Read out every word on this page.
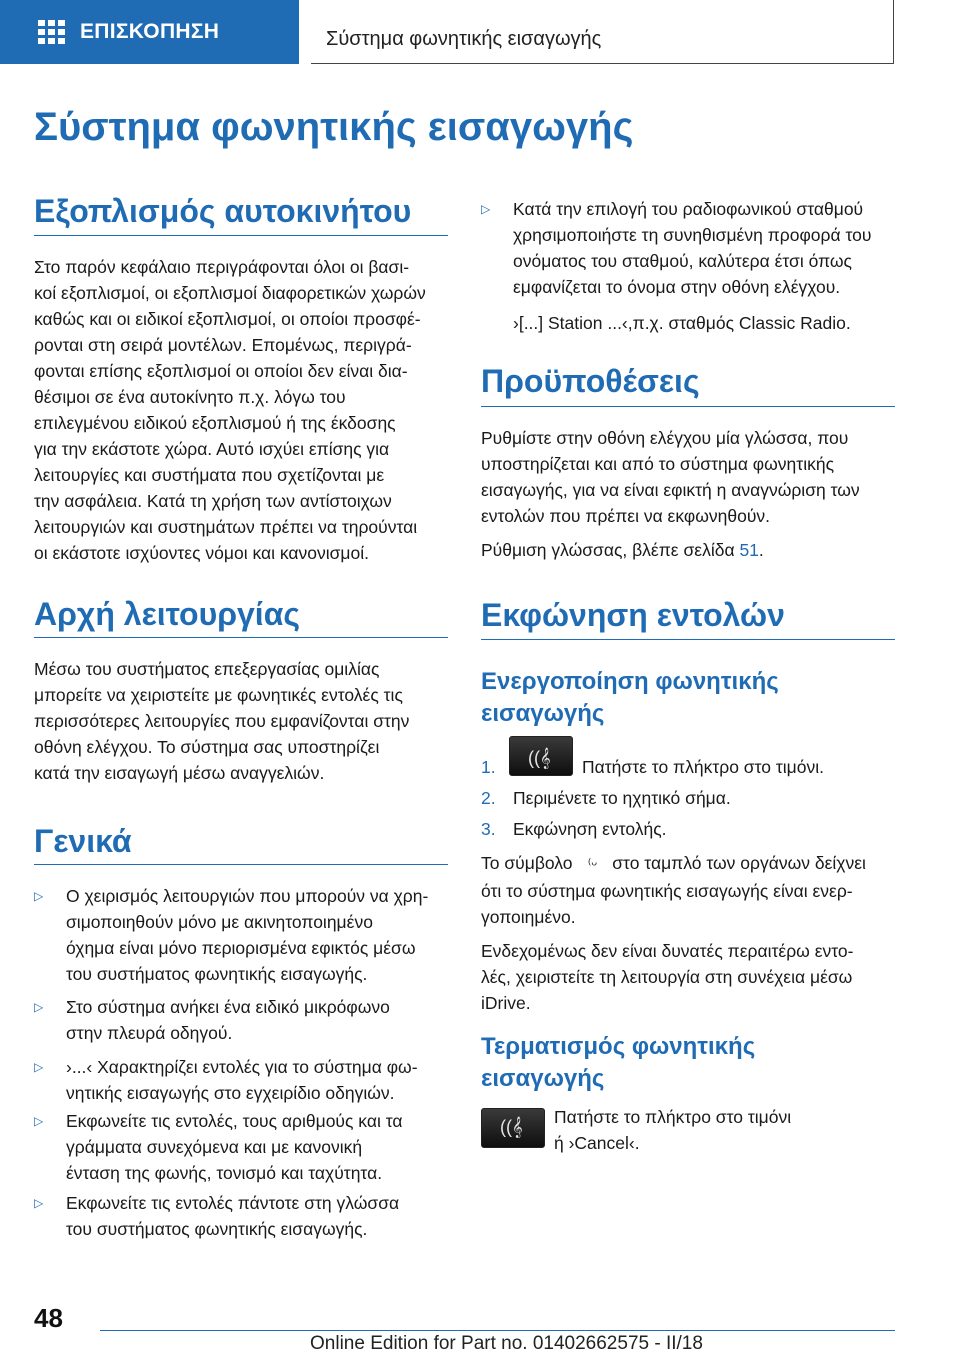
ΕΠΙΣΚΟΠΗΣΗ	Σύστημα φωνητικής εισαγωγής
Σύστημα φωνητικής εισαγωγής
Εξοπλισμός αυτοκινήτου
Στο παρόν κεφάλαιο περιγράφονται όλοι οι βασι‐
κοί εξοπλισμοί, οι εξοπλισμοί διαφορετικών χωρών
καθώς και οι ειδικοί εξοπλισμοί, οι οποίοι προσφέ‐
ρονται στη σειρά μοντέλων. Επομένως, περιγρά‐
φονται επίσης εξοπλισμοί οι οποίοι δεν είναι δια‐
θέσιμοι σε ένα αυτοκίνητο π.χ. λόγω του
επιλεγμένου ειδικού εξοπλισμού ή της έκδοσης
για την εκάστοτε χώρα. Αυτό ισχύει επίσης για
λειτουργίες και συστήματα που σχετίζονται με
την ασφάλεια. Κατά τη χρήση των αντίστοιχων
λειτουργιών και συστημάτων πρέπει να τηρούνται
οι εκάστοτε ισχύοντες νόμοι και κανονισμοί.
Αρχή λειτουργίας
Μέσω του συστήματος επεξεργασίας ομιλίας
μπορείτε να χειριστείτε με φωνητικές εντολές τις
περισσότερες λειτουργίες που εμφανίζονται στην
οθόνη ελέγχου. Το σύστημα σας υποστηρίζει
κατά την εισαγωγή μέσω αναγγελιών.
Γενικά
▷ Ο χειρισμός λειτουργιών που μπορούν να χρη‐
σιμοποιηθούν μόνο με ακινητοποιημένο
όχημα είναι μόνο περιορισμένα εφικτός μέσω
του συστήματος φωνητικής εισαγωγής.
▷ Στο σύστημα ανήκει ένα ειδικό μικρόφωνο
στην πλευρά οδηγού.
▷ ›...‹ Χαρακτηρίζει εντολές για το σύστημα φω‐
νητικής εισαγωγής στο εγχειρίδιο οδηγιών.
▷ Εκφωνείτε τις εντολές, τους αριθμούς και τα
γράμματα συνεχόμενα και με κανονική
ένταση της φωνής, τονισμό και ταχύτητα.
▷ Εκφωνείτε τις εντολές πάντοτε στη γλώσσα
του συστήματος φωνητικής εισαγωγής.
▷ Κατά την επιλογή του ραδιοφωνικού σταθμού
χρησιμοποιήστε τη συνηθισμένη προφορά του
ονόματος του σταθμού, καλύτερα έτσι όπως
εμφανίζεται το όνομα στην οθόνη ελέγχου.
›[...] Station ...‹,π.χ. σταθμός Classic Radio.
Προϋποθέσεις
Ρυθμίστε στην οθόνη ελέγχου μία γλώσσα, που
υποστηρίζεται και από το σύστημα φωνητικής
εισαγωγής, για να είναι εφικτή η αναγνώριση των
εντολών που πρέπει να εκφωνηθούν.
Ρύθμιση γλώσσας, βλέπε σελίδα 51.
Εκφώνηση εντολών
Ενεργοποίηση φωνητικής
εισαγωγής
1. ((𝄞 Πατήστε το πλήκτρο στο τιμόνι.
2. Περιμένετε το ηχητικό σήμα.
3. Εκφώνηση εντολής.
Το σύμβολο ⁽ᵕ στο ταμπλό των οργάνων δείχνει
ότι το σύστημα φωνητικής εισαγωγής είναι ενερ‐
γοποιημένο.
Ενδεχομένως δεν είναι δυνατές περαιτέρω εντο‐
λές, χειριστείτε τη λειτουργία στη συνέχεια μέσω
iDrive.
Τερματισμός φωνητικής
εισαγωγής
((𝄞 Πατήστε το πλήκτρο στο τιμόνι
ή ›Cancel‹.
48
Online Edition for Part no. 01402662575 - II/18
